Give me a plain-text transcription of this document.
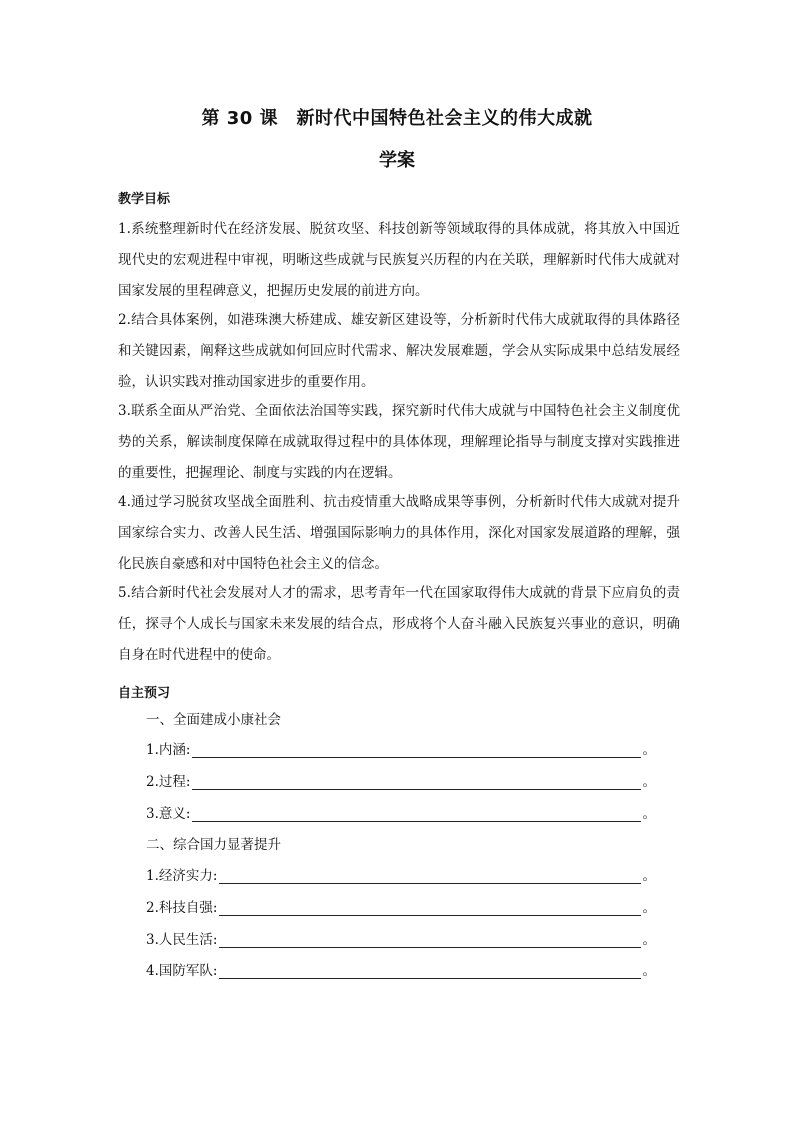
第 30 课　新时代中国特色社会主义的伟大成就
学案
教学目标

1.系统整理新时代在经济发展、脱贫攻坚、科技创新等领域取得的具体成就，将其放入中国近现代史的宏观进程中审视，明晰这些成就与民族复兴历程的内在关联，理解新时代伟大成就对国家发展的里程碑意义，把握历史发展的前进方向。

2.结合具体案例，如港珠澳大桥建成、雄安新区建设等，分析新时代伟大成就取得的具体路径和关键因素，阐释这些成就如何回应时代需求、解决发展难题，学会从实际成果中总结发展经验，认识实践对推动国家进步的重要作用。

3.联系全面从严治党、全面依法治国等实践，探究新时代伟大成就与中国特色社会主义制度优势的关系，解读制度保障在成就取得过程中的具体体现，理解理论指导与制度支撑对实践推进的重要性，把握理论、制度与实践的内在逻辑。

4.通过学习脱贫攻坚战全面胜利、抗击疫情重大战略成果等事例，分析新时代伟大成就对提升国家综合实力、改善人民生活、增强国际影响力的具体作用，深化对国家发展道路的理解，强化民族自豪感和对中国特色社会主义的信念。

5.结合新时代社会发展对人才的需求，思考青年一代在国家取得伟大成就的背景下应肩负的责任，探寻个人成长与国家未来发展的结合点，形成将个人奋斗融入民族复兴事业的意识，明确自身在时代进程中的使命。

自主预习
一、全面建成小康社会
1.内涵:	。
2.过程:	。
3.意义:	。
二、综合国力显著提升
1.经济实力:	。
2.科技自强:	。
3.人民生活:	。
4.国防军队:	。
